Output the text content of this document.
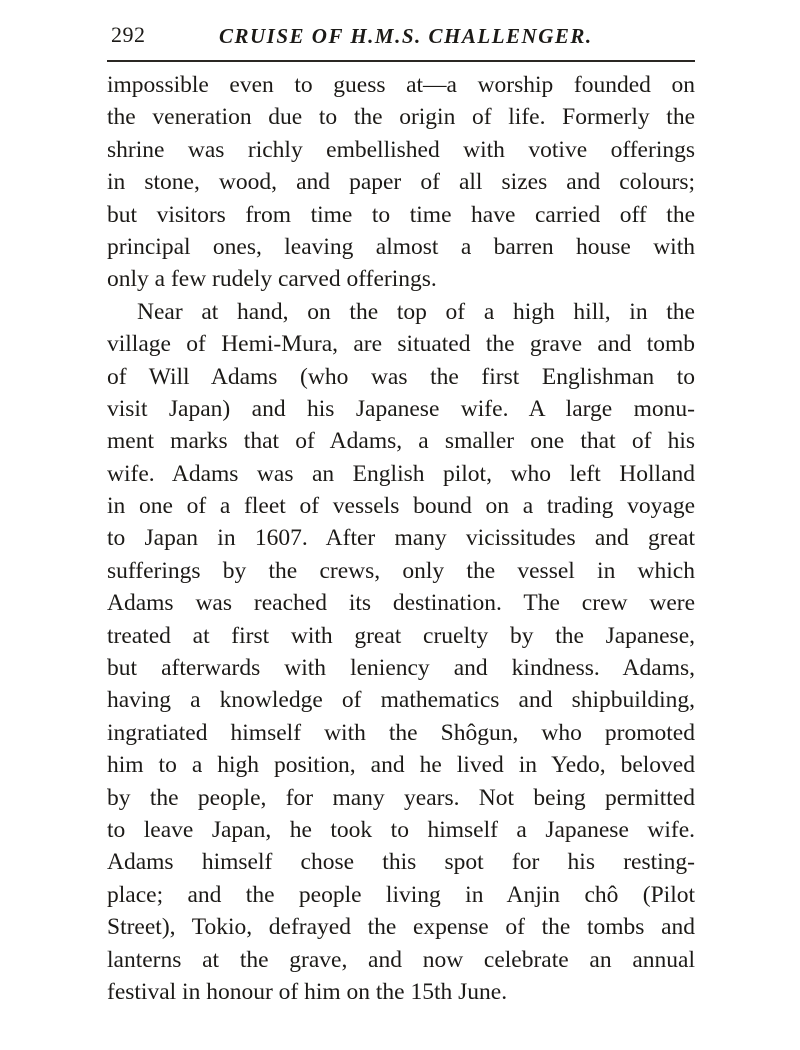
292	CRUISE OF H.M.S. CHALLENGER.
impossible even to guess at—a worship founded on
the veneration due to the origin of life. Formerly the
shrine was richly embellished with votive offerings
in stone, wood, and paper of all sizes and colours;
but visitors from time to time have carried off the
principal ones, leaving almost a barren house with
only a few rudely carved offerings.
Near at hand, on the top of a high hill, in the
village of Hemi-Mura, are situated the grave and tomb
of Will Adams (who was the first Englishman to
visit Japan) and his Japanese wife. A large monu-
ment marks that of Adams, a smaller one that of his
wife. Adams was an English pilot, who left Holland
in one of a fleet of vessels bound on a trading voyage
to Japan in 1607. After many vicissitudes and great
sufferings by the crews, only the vessel in which
Adams was reached its destination. The crew were
treated at first with great cruelty by the Japanese,
but afterwards with leniency and kindness. Adams,
having a knowledge of mathematics and shipbuilding,
ingratiated himself with the Shôgun, who promoted
him to a high position, and he lived in Yedo, beloved
by the people, for many years. Not being permitted
to leave Japan, he took to himself a Japanese wife.
Adams himself chose this spot for his resting-
place; and the people living in Anjin chô (Pilot
Street), Tokio, defrayed the expense of the tombs and
lanterns at the grave, and now celebrate an annual
festival in honour of him on the 15th June.
